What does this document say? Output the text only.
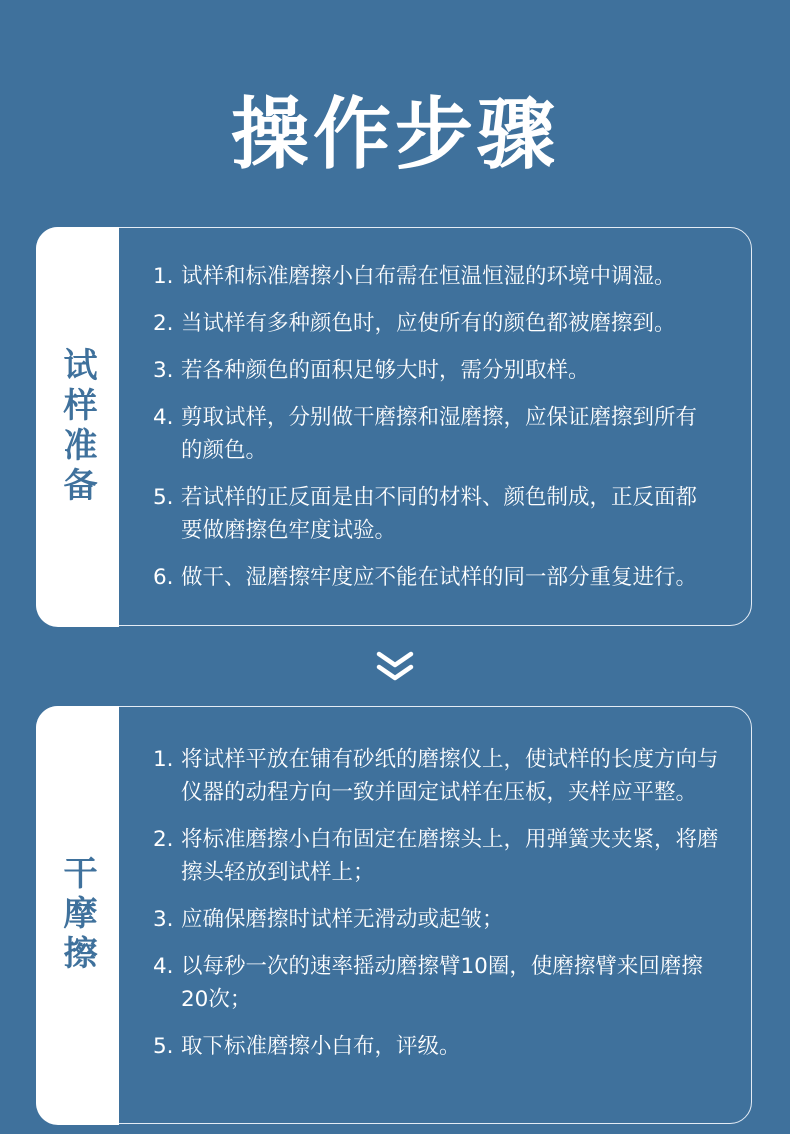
操作步骤
试样准备
1. 试样和标准磨擦小白布需在恒温恒湿的环境中调湿。
2. 当试样有多种颜色时，应使所有的颜色都被磨擦到。
3. 若各种颜色的面积足够大时，需分别取样。
4. 剪取试样，分别做干磨擦和湿磨擦，应保证磨擦到所有的颜色。
5. 若试样的正反面是由不同的材料、颜色制成，正反面都要做磨擦色牢度试验。
6. 做干、湿磨擦牢度应不能在试样的同一部分重复进行。
干摩擦
1. 将试样平放在铺有砂纸的磨擦仪上，使试样的长度方向与仪器的动程方向一致并固定试样在压板，夹样应平整。
2. 将标准磨擦小白布固定在磨擦头上，用弹簧夹夹紧，将磨擦头轻放到试样上；
3. 应确保磨擦时试样无滑动或起皱；
4. 以每秒一次的速率摇动磨擦臂10圈，使磨擦臂来回磨擦20次；
5. 取下标准磨擦小白布，评级。
